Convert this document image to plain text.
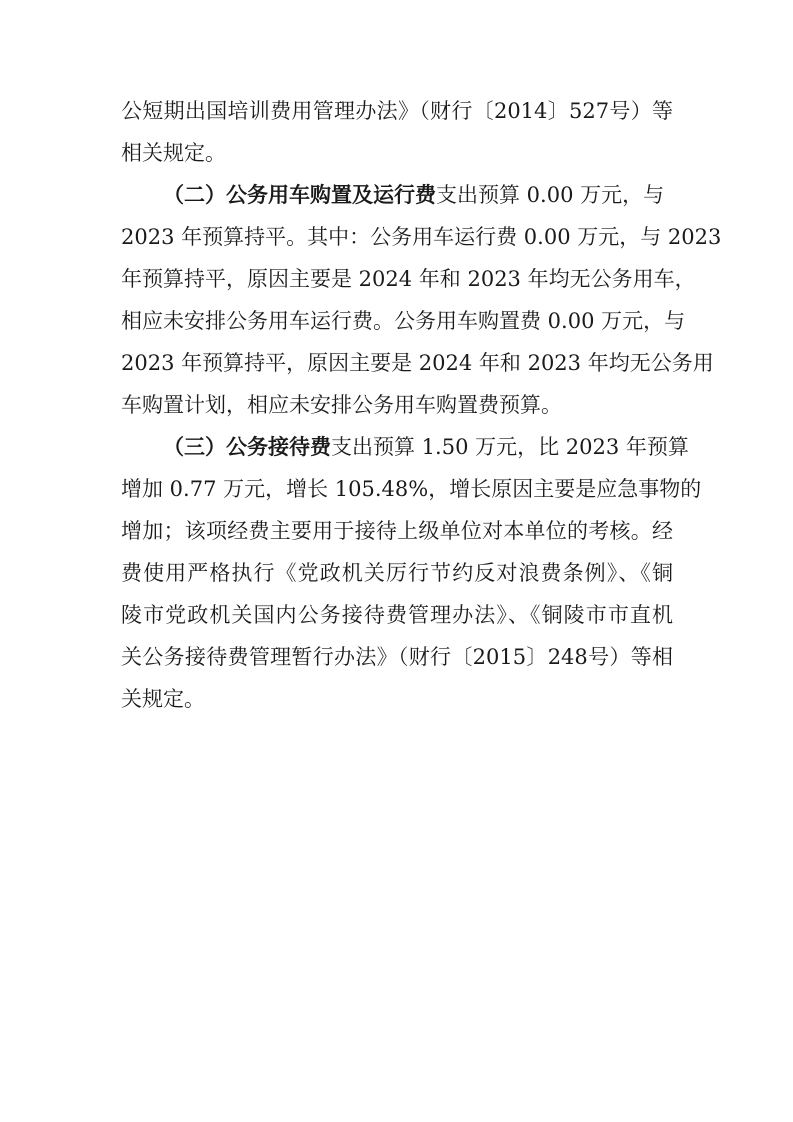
公短期出国培训费用管理办法》（财行〔2014〕527号）等
相关规定。
（二）公务用车购置及运行费支出预算 0.00 万元，与
2023 年预算持平。其中：公务用车运行费 0.00 万元，与 2023
年预算持平，原因主要是 2024 年和 2023 年均无公务用车，
相应未安排公务用车运行费。公务用车购置费 0.00 万元，与
2023 年预算持平，原因主要是 2024 年和 2023 年均无公务用
车购置计划，相应未安排公务用车购置费预算。
（三）公务接待费支出预算 1.50 万元，比 2023 年预算
增加 0.77 万元，增长 105.48%，增长原因主要是应急事物的
增加；该项经费主要用于接待上级单位对本单位的考核。经
费使用严格执行《党政机关厉行节约反对浪费条例》、《铜
陵市党政机关国内公务接待费管理办法》、《铜陵市市直机
关公务接待费管理暂行办法》（财行〔2015〕248号）等相
关规定。
